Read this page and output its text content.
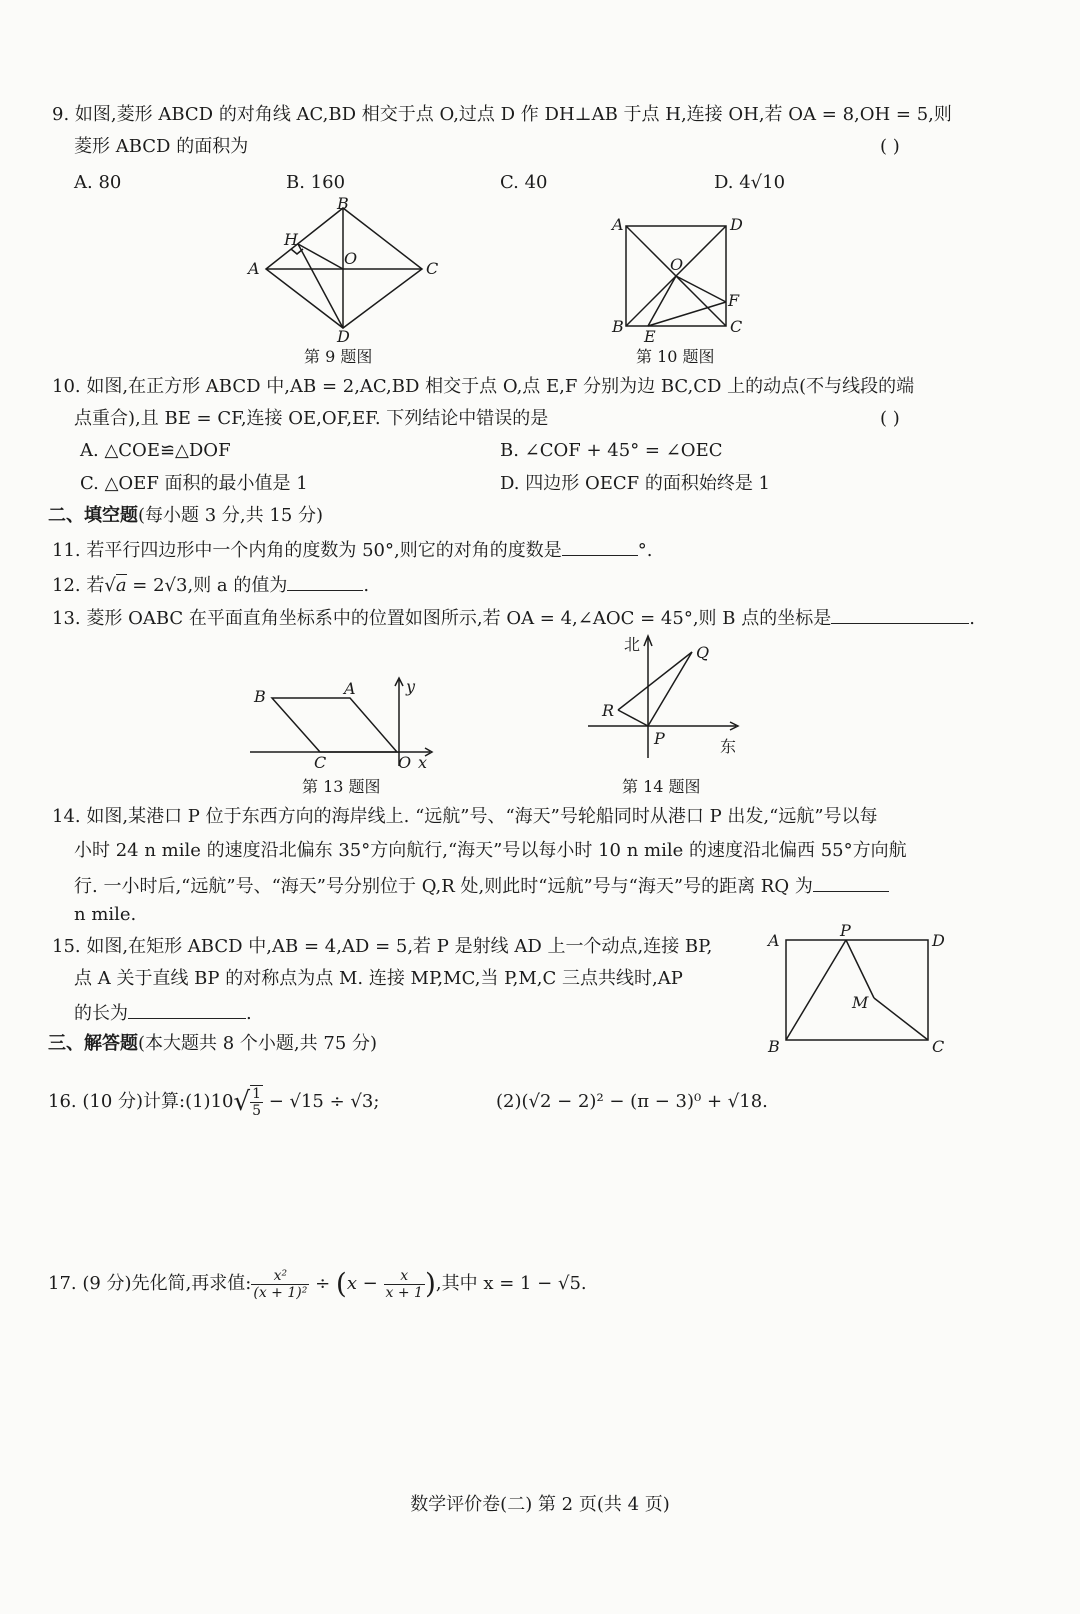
9. 如图,菱形 ABCD 的对角线 AC,BD 相交于点 O,过点 D 作 DH⊥AB 于点 H,连接 OH,若 OA = 8,OH = 5,则
菱形 ABCD 的面积为	( )
A. 80	B. 160	C. 40	D. 4√10
A
B
C
D
H
O
第 9 题图
A	D
B	C
O
E
F
第 10 题图
10. 如图,在正方形 ABCD 中,AB = 2,AC,BD 相交于点 O,点 E,F 分别为边 BC,CD 上的动点(不与线段的端
点重合),且 BE = CF,连接 OE,OF,EF. 下列结论中错误的是	( )
A. △COE≌△DOF	B. ∠COF + 45° = ∠OEC
C. △OEF 面积的最小值是 1	D. 四边形 OECF 的面积始终是 1
二、填空题(每小题 3 分,共 15 分)
11. 若平行四边形中一个内角的度数为 50°,则它的对角的度数是	°.
12. 若√a = 2√3,则 a 的值为	.
13. 菱形 OABC 在平面直角坐标系中的位置如图所示,若 OA = 4,∠AOC = 45°,则 B 点的坐标是	.
B	A
C	O x
y
第 13 题图
北
东
P
Q
R
第 14 题图
14. 如图,某港口 P 位于东西方向的海岸线上. “远航”号、“海天”号轮船同时从港口 P 出发,“远航”号以每
小时 24 n mile 的速度沿北偏东 35°方向航行,“海天”号以每小时 10 n mile 的速度沿北偏西 55°方向航
行. 一小时后,“远航”号、“海天”号分别位于 Q,R 处,则此时“远航”号与“海天”号的距离 RQ 为
n mile.
15. 如图,在矩形 ABCD 中,AB = 4,AD = 5,若 P 是射线 AD 上一个动点,连接 BP,
点 A 关于直线 BP 的对称点为点 M. 连接 MP,MC,当 P,M,C 三点共线时,AP
的长为	.
A
P
D
B	C
M
三、解答题(本大题共 8 个小题,共 75 分)
16. (10 分)计算:(1)10√ $\frac{1}{5} - √15 \div √3$;	(2)(√2 − 2)² − (π − 3)⁰ + √18.
17. (9 分)先化简,再求值: $\frac{\text{x²}}{\text{(x + 1)²}} \div (x - \frac{x}{x + 1}$ ),其中 x = 1 − √5.
数学评价卷(二) 第 2 页(共 4 页)
